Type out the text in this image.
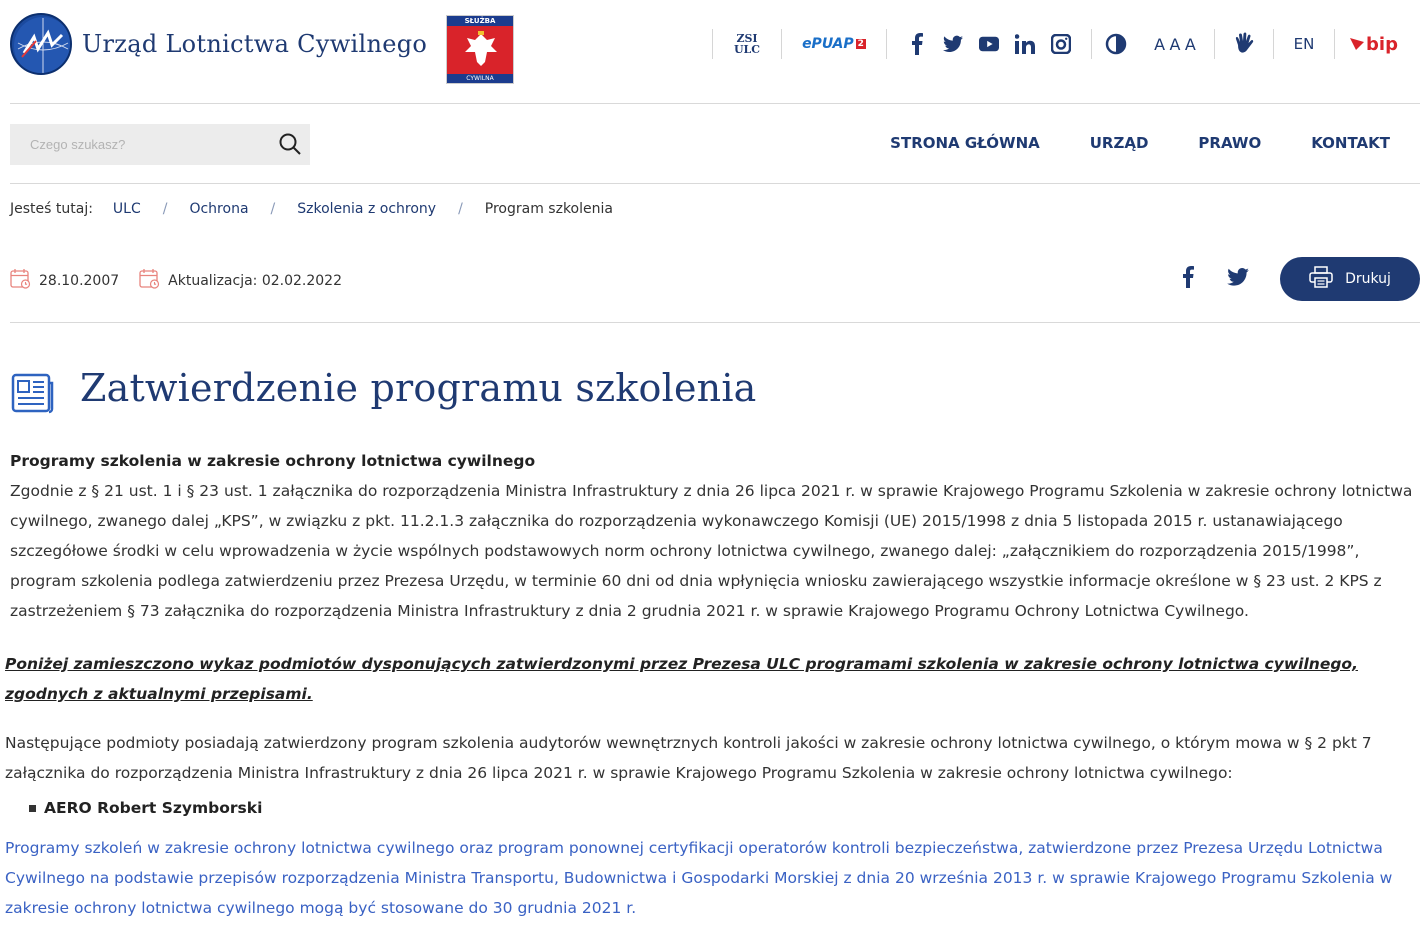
Urząd Lotnictwa Cywilnego
SŁUŻBA
CYWILNA
ZSI
ULC	ePUAP 2	AAA	EN	bip
Czego szukasz?
STRONA GŁÓWNA	URZĄD	PRAWO	KONTAKT
Jesteś tutaj: ULC / Ochrona / Szkolenia z ochrony / Program szkolenia
28.10.2007	Aktualizacja: 02.02.2022	Drukuj
Zatwierdzenie programu szkolenia
Programy szkolenia w zakresie ochrony lotnictwa cywilnego

Zgodnie z § 21 ust. 1 i § 23 ust. 1 załącznika do rozporządzenia Ministra Infrastruktury z dnia 26 lipca 2021 r. w sprawie Krajowego Programu Szkolenia w zakresie ochrony lotnictwa cywilnego, zwanego dalej „KPS”, w związku z pkt. 11.2.1.3 załącznika do rozporządzenia wykonawczego Komisji (UE) 2015/1998 z dnia 5 listopada 2015 r. ustanawiającego szczegółowe środki w celu wprowadzenia w życie wspólnych podstawowych norm ochrony lotnictwa cywilnego, zwanego dalej: „załącznikiem do rozporządzenia 2015/1998”, program szkolenia podlega zatwierdzeniu przez Prezesa Urzędu, w terminie 60 dni od dnia wpłynięcia wniosku zawierającego wszystkie informacje określone w § 23 ust. 2 KPS z zastrzeżeniem § 73 załącznika do rozporządzenia Ministra Infrastruktury z dnia 2 grudnia 2021 r. w sprawie Krajowego Programu Ochrony Lotnictwa Cywilnego.

Poniżej zamieszczono wykaz podmiotów dysponujących zatwierdzonymi przez Prezesa ULC programami szkolenia w zakresie ochrony lotnictwa cywilnego, zgodnych z aktualnymi przepisami.

Następujące podmioty posiadają zatwierdzony program szkolenia audytorów wewnętrznych kontroli jakości w zakresie ochrony lotnictwa cywilnego, o którym mowa w § 2 pkt 7 załącznika do rozporządzenia Ministra Infrastruktury z dnia 26 lipca 2021 r. w sprawie Krajowego Programu Szkolenia w zakresie ochrony lotnictwa cywilnego:

AERO Robert Szymborski

Programy szkoleń w zakresie ochrony lotnictwa cywilnego oraz program ponownej certyfikacji operatorów kontroli bezpieczeństwa, zatwierdzone przez Prezesa Urzędu Lotnictwa Cywilnego na podstawie przepisów rozporządzenia Ministra Transportu, Budownictwa i Gospodarki Morskiej z dnia 20 września 2013 r. w sprawie Krajowego Programu Szkolenia w zakresie ochrony lotnictwa cywilnego mogą być stosowane do 30 grudnia 2021 r.
